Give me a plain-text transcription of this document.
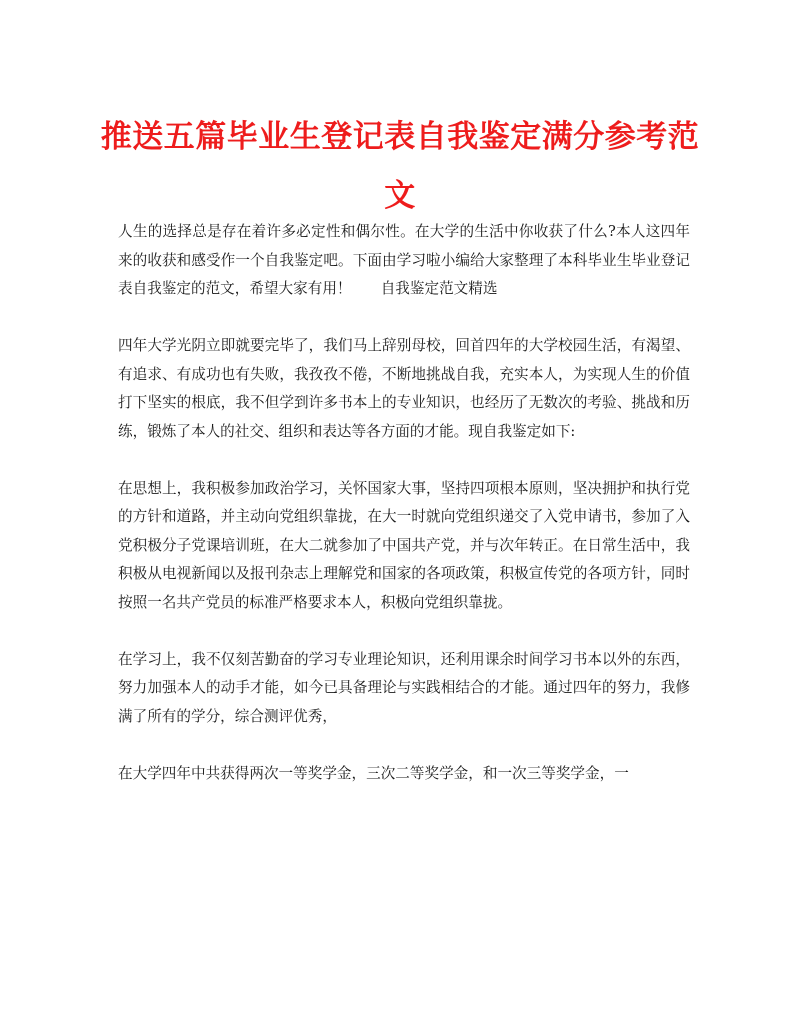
推送五篇毕业生登记表自我鉴定满分参考范文

人生的选择总是存在着许多必定性和偶尔性。在大学的生活中你收获了什么?本人这四年来的收获和感受作一个自我鉴定吧。下面由学习啦小编给大家整理了本科毕业生毕业登记表自我鉴定的范文，希望大家有用！　　自我鉴定范文精选

四年大学光阴立即就要完毕了，我们马上辞别母校，回首四年的大学校园生活，有渴望、有追求、有成功也有失败，我孜孜不倦，不断地挑战自我，充实本人，为实现人生的价值打下坚实的根底，我不但学到许多书本上的专业知识，也经历了无数次的考验、挑战和历练，锻炼了本人的社交、组织和表达等各方面的才能。现自我鉴定如下:

在思想上，我积极参加政治学习，关怀国家大事，坚持四项根本原则，坚决拥护和执行党的方针和道路，并主动向党组织靠拢，在大一时就向党组织递交了入党申请书，参加了入党积极分子党课培训班，在大二就参加了中国共产党，并与次年转正。在日常生活中，我积极从电视新闻以及报刊杂志上理解党和国家的各项政策，积极宣传党的各项方针，同时按照一名共产党员的标准严格要求本人，积极向党组织靠拢。

在学习上，我不仅刻苦勤奋的学习专业理论知识，还利用课余时间学习书本以外的东西，努力加强本人的动手才能，如今已具备理论与实践相结合的才能。通过四年的努力，我修满了所有的学分，综合测评优秀，

在大学四年中共获得两次一等奖学金，三次二等奖学金，和一次三等奖学金，一
